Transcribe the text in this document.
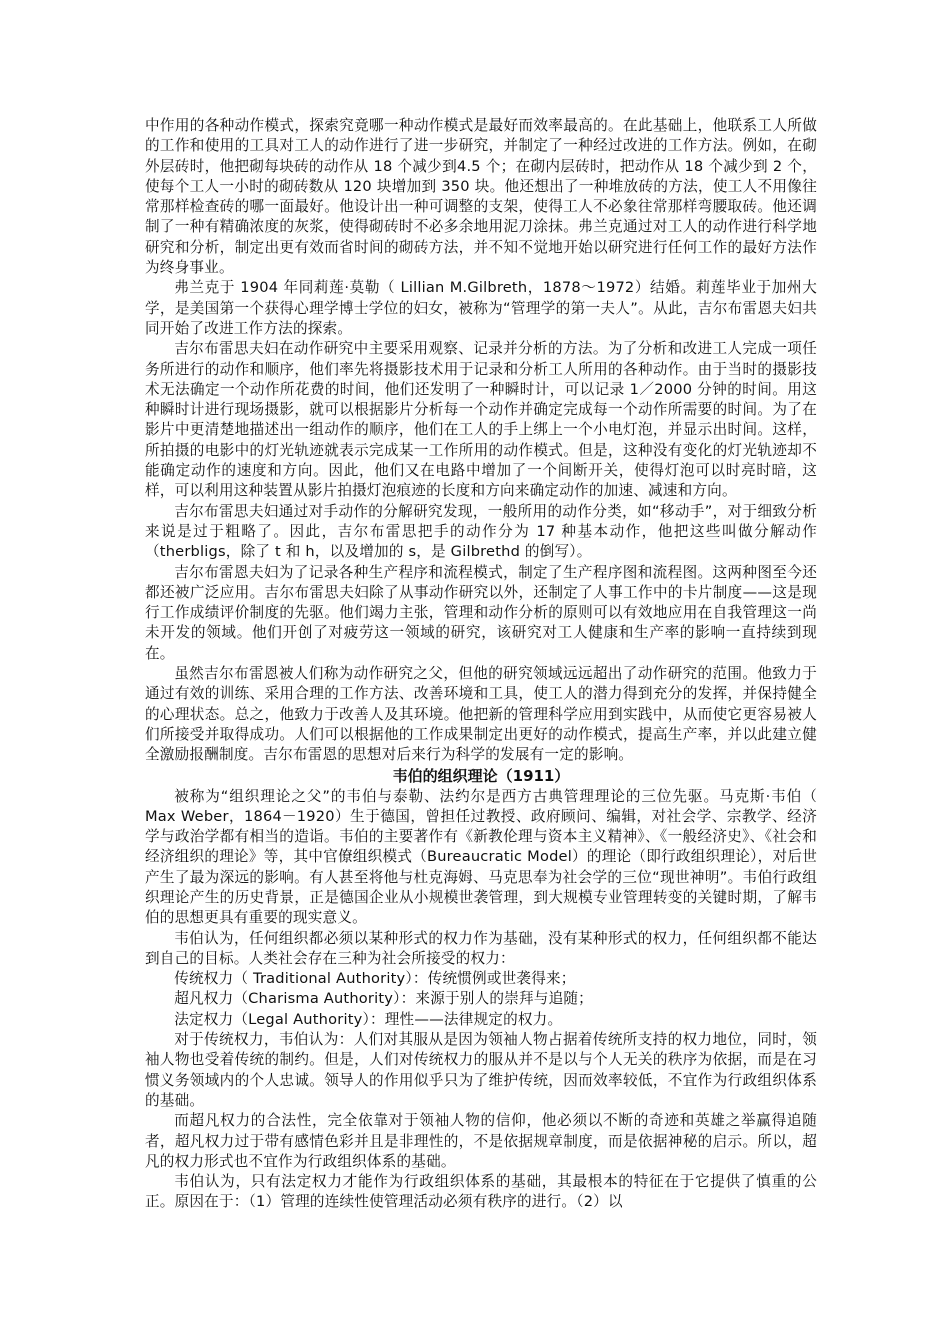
中作用的各种动作模式，探索究竟哪一种动作模式是最好而效率最高的。在此基础上，他联系工人所做的工作和使用的工具对工人的动作进行了进一步研究，并制定了一种经过改进的工作方法。例如，在砌外层砖时，他把砌每块砖的动作从 18 个减少到4.5 个；在砌内层砖时，把动作从 18 个减少到 2 个，使每个工人一小时的砌砖数从 120 块增加到 350 块。他还想出了一种堆放砖的方法，使工人不用像往常那样检查砖的哪一面最好。他设计出一种可调整的支架，使得工人不必象往常那样弯腰取砖。他还调制了一种有精确浓度的灰浆，使得砌砖时不必多余地用泥刀涂抹。弗兰克通过对工人的动作进行科学地研究和分析，制定出更有效而省时间的砌砖方法，并不知不觉地开始以研究进行任何工作的最好方法作为终身事业。

弗兰克于 1904 年同莉莲·莫勒（ Lillian M.Gilbreth，1878～1972）结婚。莉莲毕业于加州大学，是美国第一个获得心理学博士学位的妇女，被称为“管理学的第一夫人”。从此，吉尔布雷恩夫妇共同开始了改进工作方法的探索。

吉尔布雷思夫妇在动作研究中主要采用观察、记录并分析的方法。为了分析和改进工人完成一项任务所进行的动作和顺序，他们率先将摄影技术用于记录和分析工人所用的各种动作。由于当时的摄影技术无法确定一个动作所花费的时间，他们还发明了一种瞬时计，可以记录 1／2000 分钟的时间。用这种瞬时计进行现场摄影，就可以根据影片分析每一个动作并确定完成每一个动作所需要的时间。为了在影片中更清楚地描述出一组动作的顺序，他们在工人的手上绑上一个小电灯泡，并显示出时间。这样，所拍摄的电影中的灯光轨迹就表示完成某一工作所用的动作模式。但是，这种没有变化的灯光轨迹却不能确定动作的速度和方向。因此，他们又在电路中增加了一个间断开关，使得灯泡可以时亮时暗，这样，可以利用这种装置从影片拍摄灯泡痕迹的长度和方向来确定动作的加速、减速和方向。

吉尔布雷思夫妇通过对手动作的分解研究发现，一般所用的动作分类，如“移动手”，对于细致分析来说是过于粗略了。因此，吉尔布雷思把手的动作分为 17 种基本动作，他把这些叫做分解动作（therbligs，除了 t 和 h，以及增加的 s，是 Gilbrethd 的倒写）。

吉尔布雷恩夫妇为了记录各种生产程序和流程模式，制定了生产程序图和流程图。这两种图至今还都还被广泛应用。吉尔布雷思夫妇除了从事动作研究以外，还制定了人事工作中的卡片制度——这是现行工作成绩评价制度的先驱。他们竭力主张，管理和动作分析的原则可以有效地应用在自我管理这一尚未开发的领域。他们开创了对疲劳这一领域的研究，该研究对工人健康和生产率的影响一直持续到现在。

虽然吉尔布雷恩被人们称为动作研究之父，但他的研究领域远远超出了动作研究的范围。他致力于通过有效的训练、采用合理的工作方法、改善环境和工具，使工人的潜力得到充分的发挥，并保持健全的心理状态。总之，他致力于改善人及其环境。他把新的管理科学应用到实践中，从而使它更容易被人们所接受并取得成功。人们可以根据他的工作成果制定出更好的动作模式，提高生产率，并以此建立健全激励报酬制度。吉尔布雷恩的思想对后来行为科学的发展有一定的影响。

韦伯的组织理论（1911）

被称为“组织理论之父”的韦伯与泰勒、法约尔是西方古典管理理论的三位先驱。马克斯·韦伯（ Max Weber，1864－1920）生于德国，曾担任过教授、政府顾问、编辑，对社会学、宗教学、经济学与政治学都有相当的造诣。韦伯的主要著作有《新教伦理与资本主义精神》、《一般经济史》、《社会和经济组织的理论》等，其中官僚组织模式（Bureaucratic Model）的理论（即行政组织理论），对后世产生了最为深远的影响。有人甚至将他与杜克海姆、马克思奉为社会学的三位“现世神明”。韦伯行政组织理论产生的历史背景，正是德国企业从小规模世袭管理，到大规模专业管理转变的关键时期，了解韦伯的思想更具有重要的现实意义。

韦伯认为，任何组织都必须以某种形式的权力作为基础，没有某种形式的权力，任何组织都不能达到自己的目标。人类社会存在三种为社会所接受的权力：

传统权力（ Traditional Authority）：传统惯例或世袭得来；

超凡权力（Charisma Authority）：来源于别人的崇拜与追随；

法定权力（Legal Authority）：理性——法律规定的权力。

对于传统权力，韦伯认为：人们对其服从是因为领袖人物占据着传统所支持的权力地位，同时，领袖人物也受着传统的制约。但是，人们对传统权力的服从并不是以与个人无关的秩序为依据，而是在习惯义务领域内的个人忠诚。领导人的作用似乎只为了维护传统，因而效率较低，不宜作为行政组织体系的基础。

而超凡权力的合法性，完全依靠对于领袖人物的信仰，他必须以不断的奇迹和英雄之举赢得追随者，超凡权力过于带有感情色彩并且是非理性的，不是依据规章制度，而是依据神秘的启示。所以，超凡的权力形式也不宜作为行政组织体系的基础。

韦伯认为，只有法定权力才能作为行政组织体系的基础，其最根本的特征在于它提供了慎重的公正。原因在于：（1）管理的连续性使管理活动必须有秩序的进行。（2）以
